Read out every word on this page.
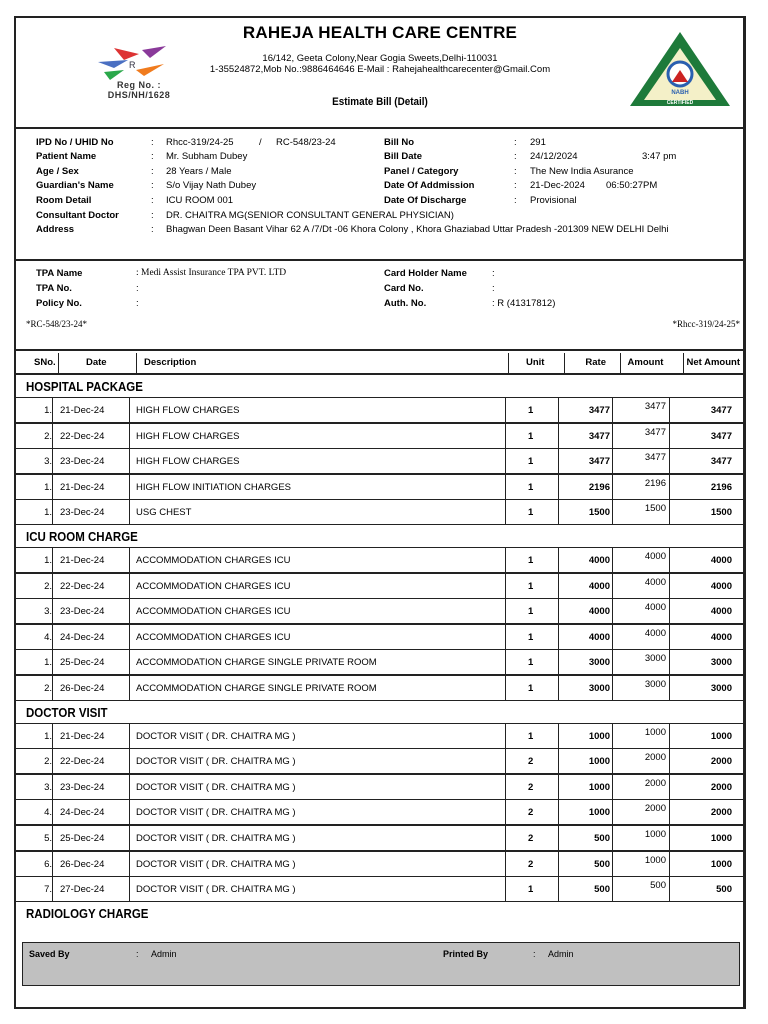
R
Reg No. :
DHS/NH/1628
RAHEJA HEALTH CARE CENTRE
16/142, Geeta Colony,Near Gogia Sweets,Delhi-110031
1-35524872,Mob No.:9886464646 E-Mail : Rahejahealthcarecenter@Gmail.Com
Estimate Bill (Detail)
NABH
CERTIFIED
IPD No / UHID No	: Rhcc-319/24-25	/ RC-548/23-24
Patient Name	: Mr. Subham Dubey
Age / Sex	: 28 Years / Male
Guardian's Name	: S/o Vijay Nath Dubey
Room Detail	: ICU ROOM 001
Consultant Doctor	: DR. CHAITRA MG(SENIOR CONSULTANT GENERAL PHYSICIAN)
Address	: Bhagwan Deen Basant Vihar 62 A /7/Dt -06 Khora Colony , Khora Ghaziabad Uttar Pradesh -201309 NEW DELHI Delhi
Bill No	: 291
Bill Date	: 24/12/2024	3:47 pm
Panel / Category	: The New India Asurance
Date Of Addmission	: 21-Dec-2024 06:50:27PM
Date Of Discharge	: Provisional
TPA Name	: Medi Assist Insurance TPA PVT. LTD
TPA No.	:
Policy No.	:
Card Holder Name	:
Card No.	:
Auth. No.	: R (41317812)
*RC-548/23-24*	*Rhcc-319/24-25*
SNo.	Date	Description	Unit	Rate	Amount	Net Amount
HOSPITAL PACKAGE
1. 21-Dec-24	HIGH FLOW CHARGES	1	3477	3477	3477
2. 22-Dec-24	HIGH FLOW CHARGES	1	3477	3477	3477
3. 23-Dec-24	HIGH FLOW CHARGES	1	3477	3477	3477
1. 21-Dec-24	HIGH FLOW INITIATION CHARGES	1	2196	2196	2196
1. 23-Dec-24	USG CHEST	1	1500	1500	1500
ICU ROOM CHARGE
1. 21-Dec-24	ACCOMMODATION CHARGES ICU	1	4000	4000	4000
2. 22-Dec-24	ACCOMMODATION CHARGES ICU	1	4000	4000	4000
3. 23-Dec-24	ACCOMMODATION CHARGES ICU	1	4000	4000	4000
4. 24-Dec-24	ACCOMMODATION CHARGES ICU	1	4000	4000	4000
1. 25-Dec-24	ACCOMMODATION CHARGE SINGLE PRIVATE ROOM	1	3000	3000	3000
2. 26-Dec-24	ACCOMMODATION CHARGE SINGLE PRIVATE ROOM	1	3000	3000	3000
DOCTOR VISIT
1. 21-Dec-24	DOCTOR VISIT ( DR. CHAITRA MG )	1	1000	1000	1000
2. 22-Dec-24	DOCTOR VISIT ( DR. CHAITRA MG )	2	1000	2000	2000
3. 23-Dec-24	DOCTOR VISIT ( DR. CHAITRA MG )	2	1000	2000	2000
4. 24-Dec-24	DOCTOR VISIT ( DR. CHAITRA MG )	2	1000	2000	2000
5. 25-Dec-24	DOCTOR VISIT ( DR. CHAITRA MG )	2	500	1000	1000
6. 26-Dec-24	DOCTOR VISIT ( DR. CHAITRA MG )	2	500	1000	1000
7. 27-Dec-24	DOCTOR VISIT ( DR. CHAITRA MG )	1	500	500	500
RADIOLOGY CHARGE
Saved By	: Admin	Printed By	: Admin
